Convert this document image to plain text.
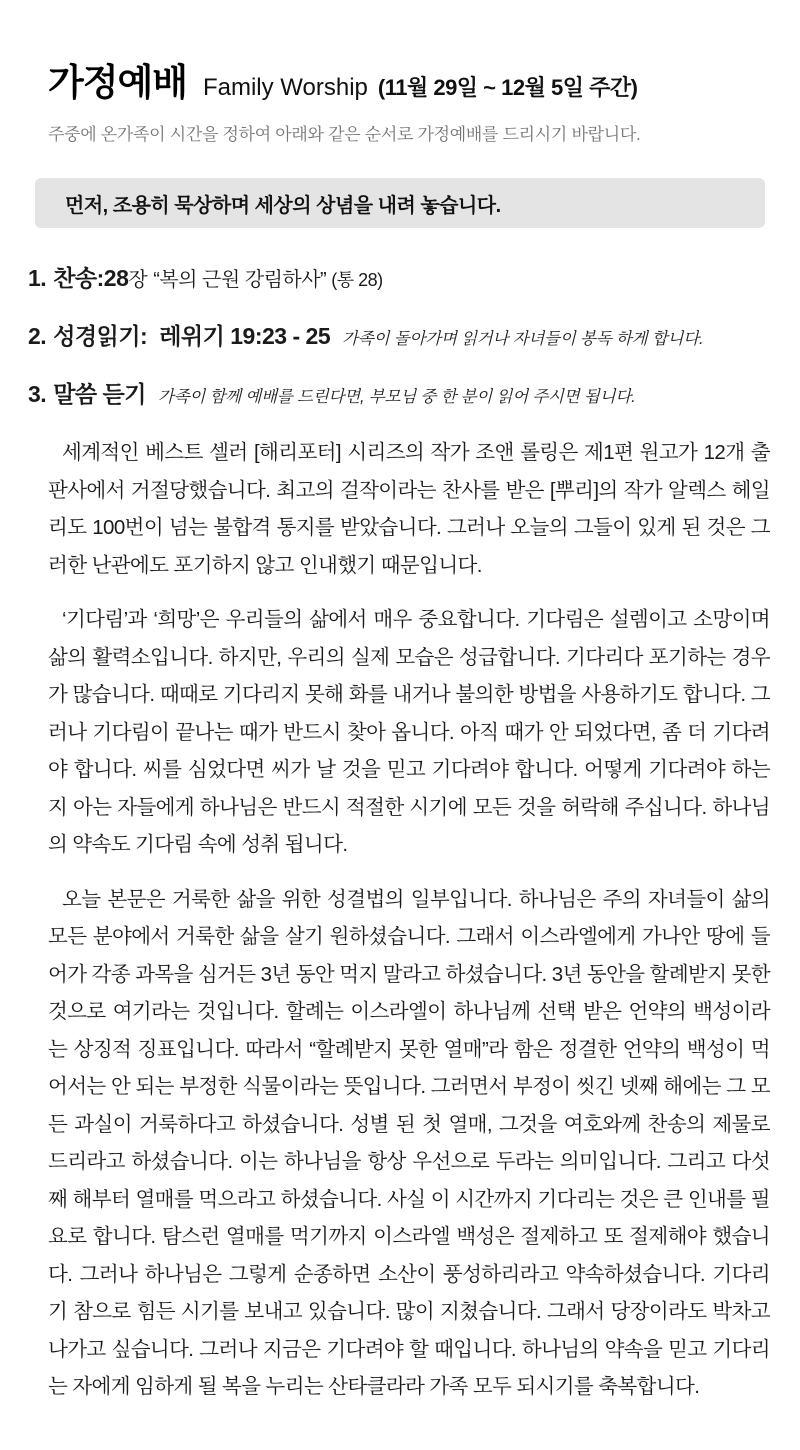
가정예배 Family Worship (11월 29일 ~ 12월 5일 주간)
주중에 온가족이 시간을 정하여 아래와 같은 순서로 가정예배를 드리시기 바랍니다.
먼저, 조용히 묵상하며 세상의 상념을 내려 놓습니다.
1. 찬송:28 장 “복의 근원 강림하사” (통 28)
2. 성경읽기: 레위기 19:23 - 25 가족이 돌아가며 읽거나 자녀들이 봉독 하게 합니다.
3. 말씀 듣기 가족이 함께 예배를 드린다면, 부모님 중 한 분이 읽어 주시면 됩니다.

세계적인 베스트 셀러 [해리포터] 시리즈의 작가 조앤 롤링은 제1편 원고가 12개 출판사에서 거절당했습니다. 최고의 걸작이라는 찬사를 받은 [뿌리]의 작가 알렉스 헤일리도 100번이 넘는 불합격 통지를 받았습니다. 그러나 오늘의 그들이 있게 된 것은 그러한 난관에도 포기하지 않고 인내했기 때문입니다.

‘기다림’과 ‘희망’은 우리들의 삶에서 매우 중요합니다. 기다림은 설렘이고 소망이며 삶의 활력소입니다. 하지만, 우리의 실제 모습은 성급합니다. 기다리다 포기하는 경우가 많습니다. 때때로 기다리지 못해 화를 내거나 불의한 방법을 사용하기도 합니다. 그러나 기다림이 끝나는 때가 반드시 찾아 옵니다. 아직 때가 안 되었다면, 좀 더 기다려야 합니다. 씨를 심었다면 씨가 날 것을 믿고 기다려야 합니다. 어떻게 기다려야 하는지 아는 자들에게 하나님은 반드시 적절한 시기에 모든 것을 허락해 주십니다. 하나님의 약속도 기다림 속에 성취 됩니다.

오늘 본문은 거룩한 삶을 위한 성결법의 일부입니다. 하나님은 주의 자녀들이 삶의 모든 분야에서 거룩한 삶을 살기 원하셨습니다. 그래서 이스라엘에게 가나안 땅에 들어가 각종 과목을 심거든 3년 동안 먹지 말라고 하셨습니다. 3년 동안을 할례받지 못한 것으로 여기라는 것입니다. 할례는 이스라엘이 하나님께 선택 받은 언약의 백성이라는 상징적 징표입니다. 따라서 “할례받지 못한 열매”라 함은 정결한 언약의 백성이 먹어서는 안 되는 부정한 식물이라는 뜻입니다. 그러면서 부정이 씻긴 넷째 해에는 그 모든 과실이 거룩하다고 하셨습니다. 성별 된 첫 열매, 그것을 여호와께 찬송의 제물로 드리라고 하셨습니다. 이는 하나님을 항상 우선으로 두라는 의미입니다. 그리고 다섯째 해부터 열매를 먹으라고 하셨습니다. 사실 이 시간까지 기다리는 것은 큰 인내를 필요로 합니다. 탐스런 열매를 먹기까지 이스라엘 백성은 절제하고 또 절제해야 했습니다. 그러나 하나님은 그렇게 순종하면 소산이 풍성하리라고 약속하셨습니다. 기다리기 참으로 힘든 시기를 보내고 있습니다. 많이 지쳤습니다. 그래서 당장이라도 박차고 나가고 싶습니다. 그러나 지금은 기다려야 할 때입니다. 하나님의 약속을 믿고 기다리는 자에게 임하게 될 복을 누리는 산타클라라 가족 모두 되시기를 축복합니다.
